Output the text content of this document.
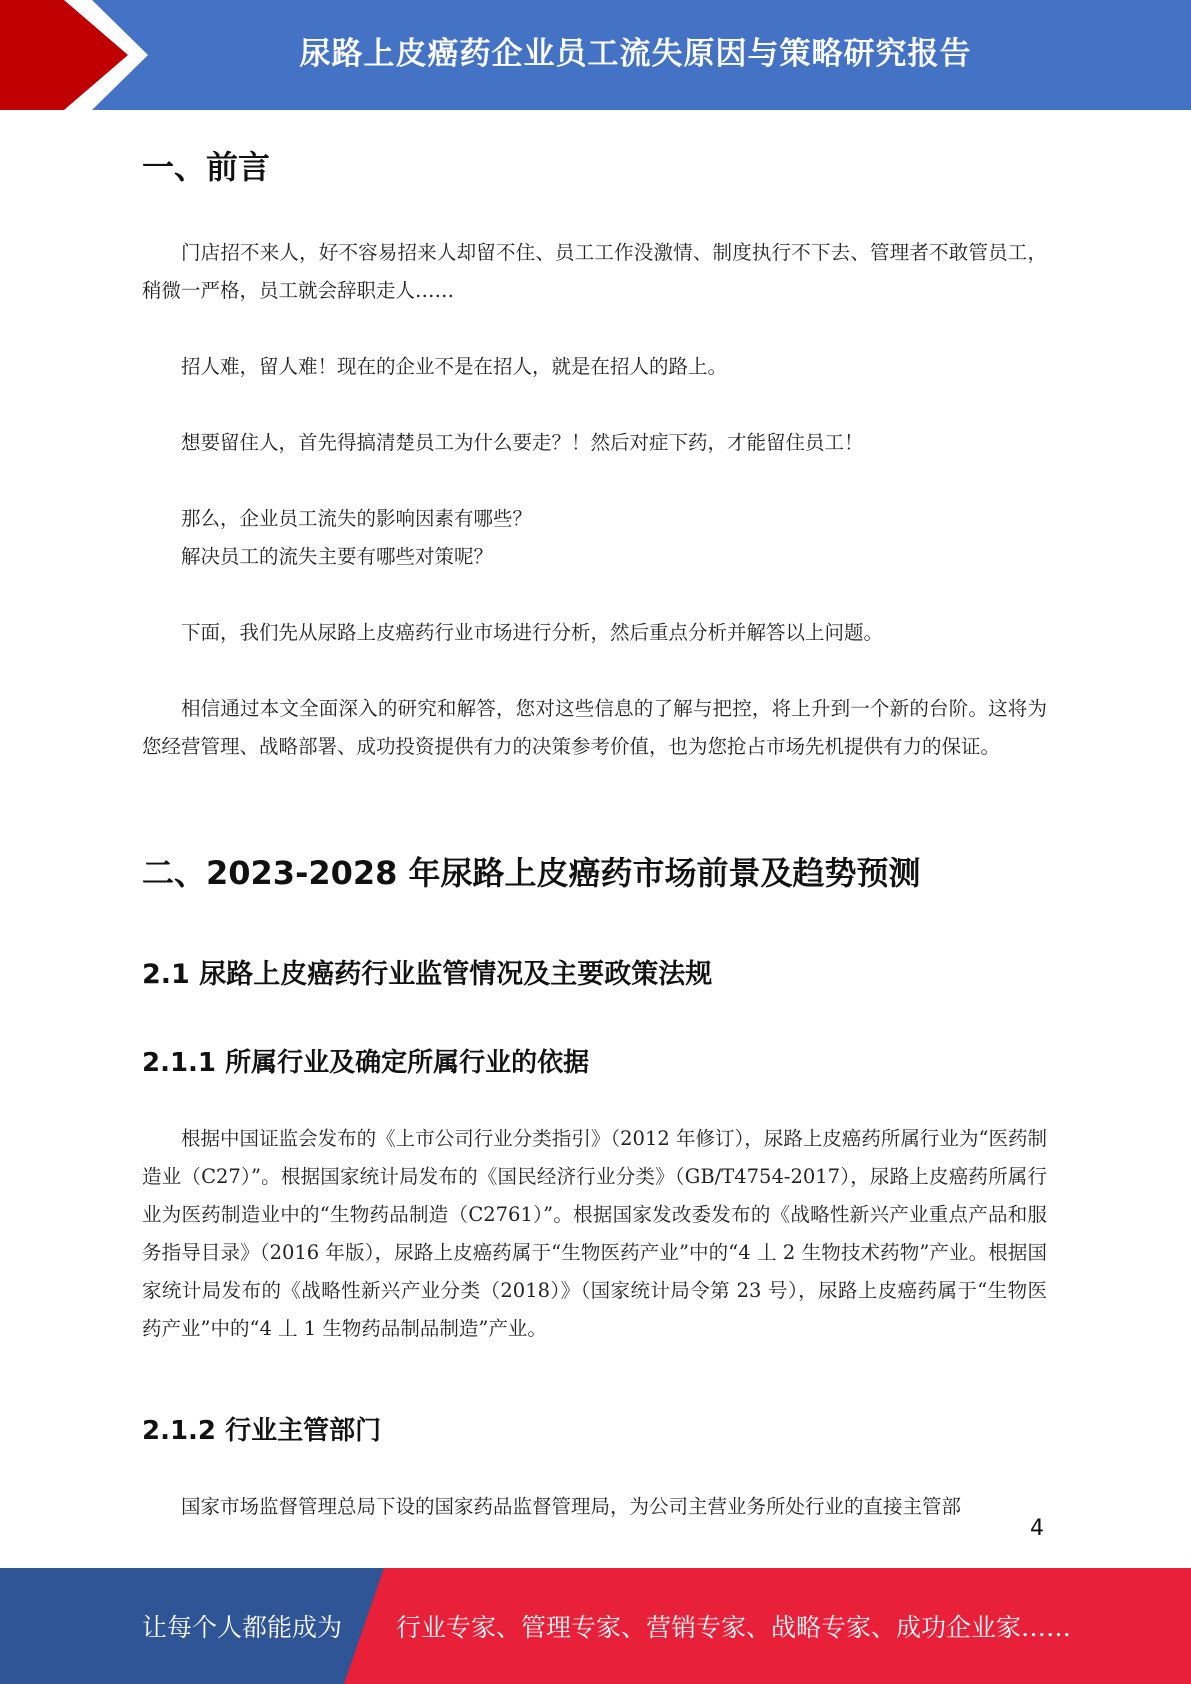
尿路上皮癌药企业员工流失原因与策略研究报告
一、前言

门店招不来人，好不容易招来人却留不住、员工工作没激情、制度执行不下去、管理者不敢管员工，稍微一严格，员工就会辞职走人……

招人难，留人难！现在的企业不是在招人，就是在招人的路上。

想要留住人，首先得搞清楚员工为什么要走？！然后对症下药，才能留住员工！

那么，企业员工流失的影响因素有哪些？

解决员工的流失主要有哪些对策呢？

下面，我们先从尿路上皮癌药行业市场进行分析，然后重点分析并解答以上问题。

相信通过本文全面深入的研究和解答，您对这些信息的了解与把控，将上升到一个新的台阶。这将为您经营管理、战略部署、成功投资提供有力的决策参考价值，也为您抢占市场先机提供有力的保证。

二、2023-2028 年尿路上皮癌药市场前景及趋势预测
2.1 尿路上皮癌药行业监管情况及主要政策法规
2.1.1 所属行业及确定所属行业的依据

根据中国证监会发布的《上市公司行业分类指引》（2012 年修订），尿路上皮癌药所属行业为“医药制造业（C27）”。根据国家统计局发布的《国民经济行业分类》（GB/T4754-2017），尿路上皮癌药所属行业为医药制造业中的“生物药品制造（C2761）”。根据国家发改委发布的《战略性新兴产业重点产品和服务指导目录》（2016 年版），尿路上皮癌药属于“生物医药产业”中的“4 丄 2 生物技术药物”产业。根据国家统计局发布的《战略性新兴产业分类（2018）》（国家统计局令第 23 号），尿路上皮癌药属于“生物医药产业”中的“4 丄 1 生物药品制品制造”产业。

2.1.2 行业主管部门

国家市场监督管理总局下设的国家药品监督管理局，为公司主营业务所处行业的直接主管部

4
让每个人都能成为 行业专家、管理专家、营销专家、战略专家、成功企业家……
